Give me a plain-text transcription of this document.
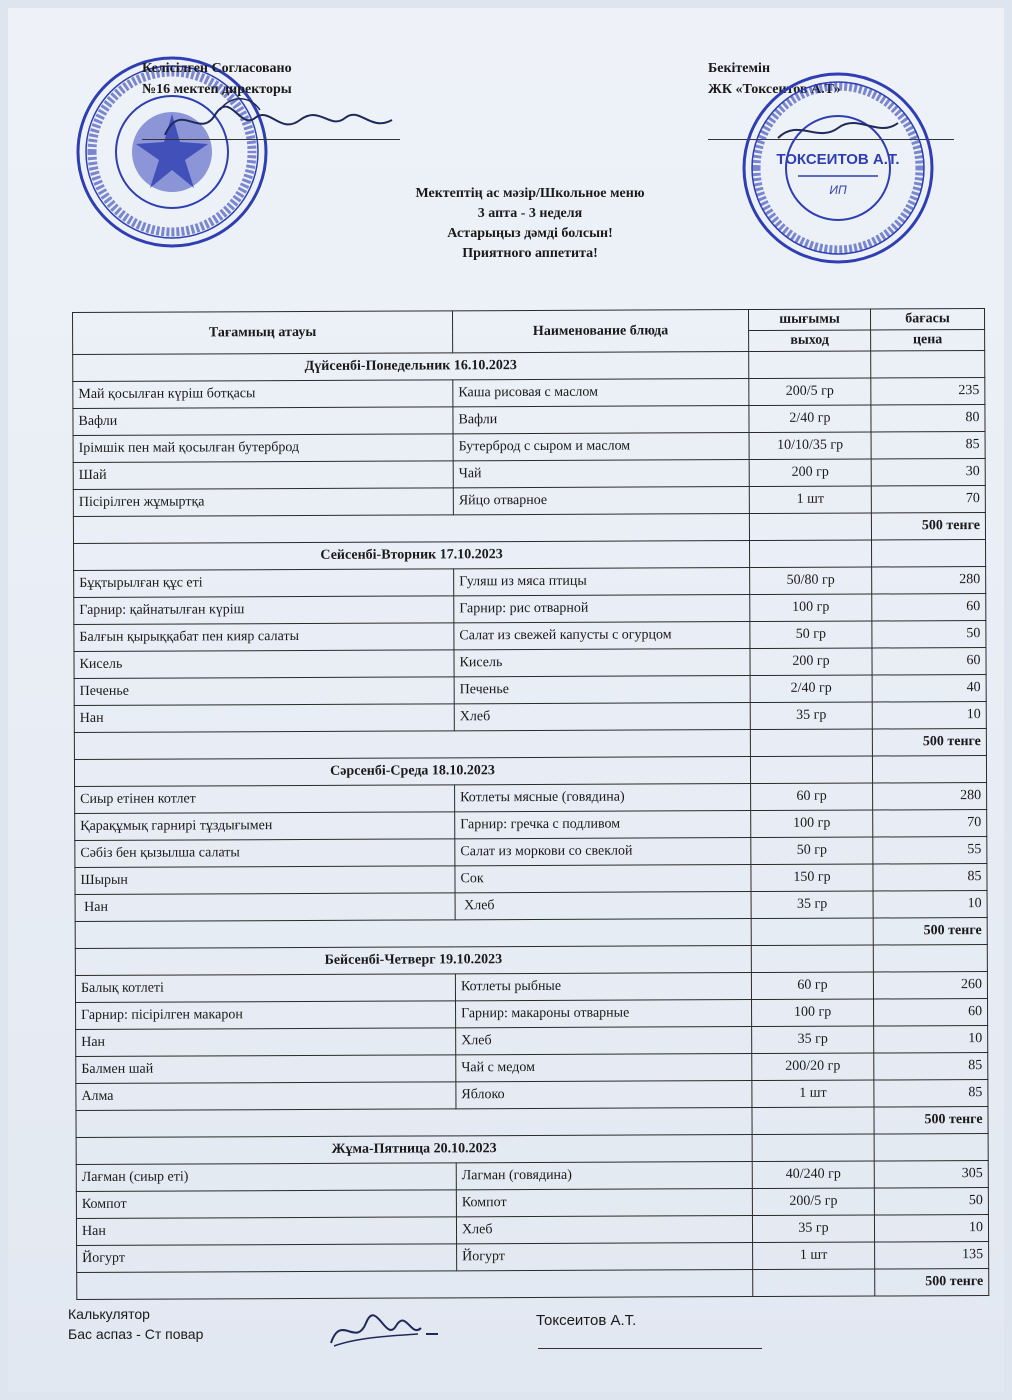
Келісілген Согласовано
№16 мектеп директоры
Бекітемін
ЖК «Токсеитов А.Т»
ТОКСЕИТОВ А.Т.
ИП
Мектептің ас мәзір/Школьное меню
3 апта - 3 неделя
Астарыңыз дәмді болсын!
Приятного аппетита!
Тағамның атауы	Наименование блюда	шығымы	бағасы
		выход	цена
Дүйсенбі-Понедельник 16.10.2023			
Май қосылған күріш ботқасы	Каша рисовая с маслом	200/5 гр	235
Вафли	Вафли	2/40 гр	80
Ірімшік пен май қосылған бутерброд	Бутерброд с сыром и маслом	10/10/35 гр	85
Шай	Чай	200 гр	30
Пісірілген жұмыртқа	Яйцо отварное	1 шт	70
			500 тенге
Сейсенбі-Вторник 17.10.2023			
Бұқтырылған құс еті	Гуляш из мяса птицы	50/80 гр	280
Гарнир: қайнатылған күріш	Гарнир: рис отварной	100 гр	60
Балғын қырыққабат пен кияр салаты	Салат из свежей капусты с огурцом	50 гр	50
Кисель	Кисель	200 гр	60
Печенье	Печенье	2/40 гр	40
Нан	Хлеб	35 гр	10
			500 тенге
Сәрсенбі-Среда 18.10.2023			
Сиыр етінен котлет	Котлеты мясные (говядина)	60 гр	280
Қарақұмық гарнирі тұздығымен	Гарнир: гречка с подливом	100 гр	70
Сәбіз бен қызылша салаты	Салат из моркови со свеклой	50 гр	55
Шырын	Сок	150 гр	85
Нан	Хлеб	35 гр	10
			500 тенге
Бейсенбі-Четверг 19.10.2023			
Балық котлеті	Котлеты рыбные	60 гр	260
Гарнир: пісірілген макарон	Гарнир: макароны отварные	100 гр	60
Нан	Хлеб	35 гр	10
Балмен шай	Чай с медом	200/20 гр	85
Алма	Яблоко	1 шт	85
			500 тенге
Жұма-Пятница 20.10.2023			
Лағман (сиыр еті)	Лагман (говядина)	40/240 гр	305
Компот	Компот	200/5 гр	50
Нан	Хлеб	35 гр	10
Йогурт	Йогурт	1 шт	135
			500 тенге
Калькулятор
Бас аспаз - Ст повар
Токсеитов А.Т.
